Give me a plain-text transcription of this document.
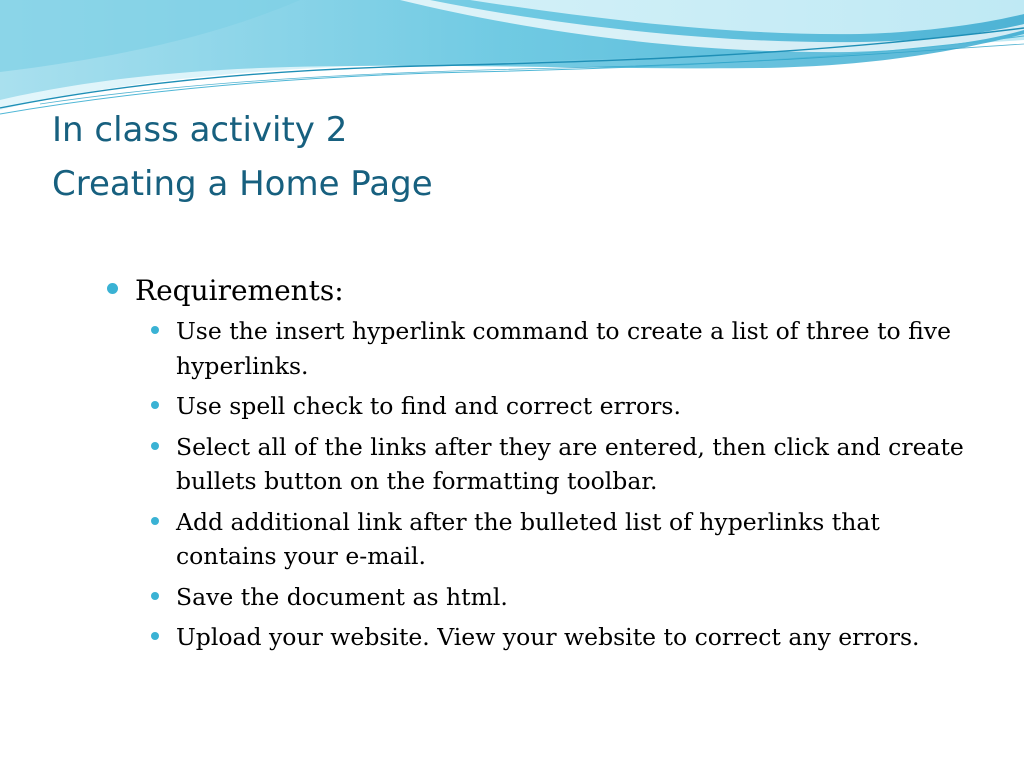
In class activity 2
Creating a Home Page
Requirements:
Use the insert hyperlink command to create a list of three to five hyperlinks.
Use spell check to find and correct errors.
Select all of the links after they are entered, then click and create bullets button on the formatting toolbar.
Add additional link after the bulleted list of hyperlinks that contains your e-mail.
Save the document as html.
Upload your website. View your website to correct any errors.
